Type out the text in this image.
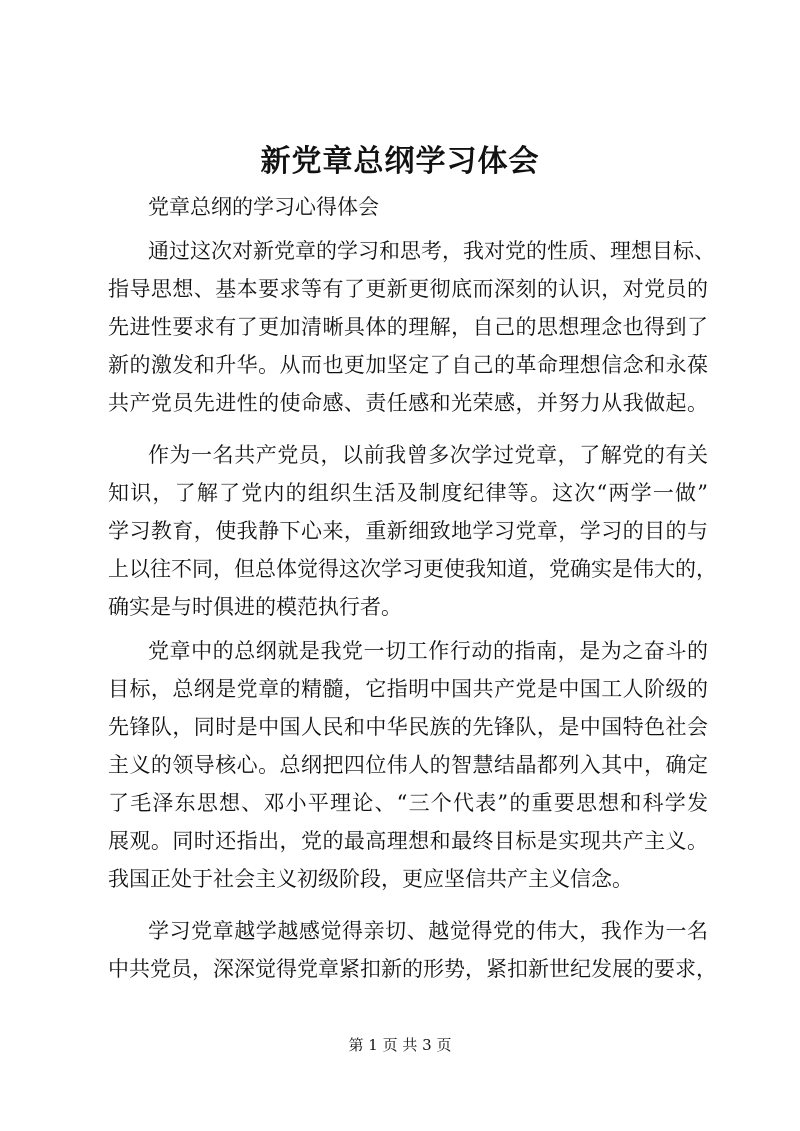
新党章总纲学习体会

党章总纲的学习心得体会

通过这次对新党章的学习和思考，我对党的性质、理想目标、

指导思想、基本要求等有了更新更彻底而深刻的认识，对党员的

先进性要求有了更加清晰具体的理解，自己的思想理念也得到了

新的激发和升华。从而也更加坚定了自己的革命理想信念和永葆

共产党员先进性的使命感、责任感和光荣感，并努力从我做起。

作为一名共产党员，以前我曾多次学过党章，了解党的有关

知识，了解了党内的组织生活及制度纪律等。这次“两学一做”

学习教育，使我静下心来，重新细致地学习党章，学习的目的与

上以往不同，但总体觉得这次学习更使我知道，党确实是伟大的，

确实是与时俱进的模范执行者。

党章中的总纲就是我党一切工作行动的指南，是为之奋斗的

目标，总纲是党章的精髓，它指明中国共产党是中国工人阶级的

先锋队，同时是中国人民和中华民族的先锋队，是中国特色社会

主义的领导核心。总纲把四位伟人的智慧结晶都列入其中，确定

了毛泽东思想、邓小平理论、“三个代表”的重要思想和科学发

展观。同时还指出，党的最高理想和最终目标是实现共产主义。

我国正处于社会主义初级阶段，更应坚信共产主义信念。

学习党章越学越感觉得亲切、越觉得党的伟大，我作为一名

中共党员，深深觉得党章紧扣新的形势，紧扣新世纪发展的要求，

第 1 页 共 3 页
